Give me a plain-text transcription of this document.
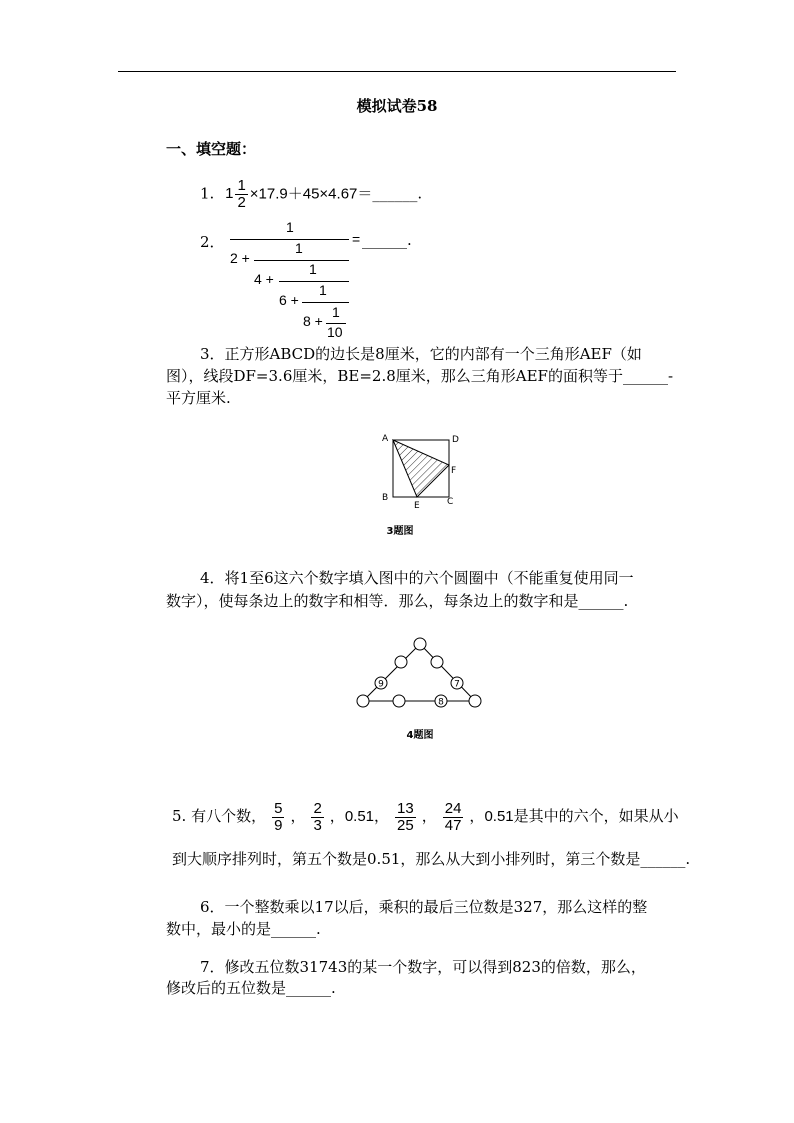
模拟试卷58
一、填空题：
1. $1 \frac{1}{2}$ ×17.9＋45×4.67＝______.
2．
1
2 +
1
4 +
1
6 +
1
8 +
1
10
= ______.
3．正方形ABCD的边长是8厘米，它的内部有一个三角形AEF（如
图），线段DF=3.6厘米，BE=2.8厘米，那么三角形AEF的面积等于______-
平方厘米.
A	D
F
B	C
E
3题图
4．将1至6这六个数字填入图中的六个圆圈中（不能重复使用同一
数字），使每条边上的数字和相等．那么，每条边上的数字和是______.
9	7
8
4题图
5. 有八个数， $\frac{5}{9}$ ， $\frac{2}{3}$ ，0.51， $\frac{13}{25}$ ， $\frac{24}{47}$ ，0.51是其中的六个，如果从小
到大顺序排列时，第五个数是0.51，那么从大到小排列时，第三个数是______.
6．一个整数乘以17以后，乘积的最后三位数是327，那么这样的整
数中，最小的是______.
7．修改五位数31743的某一个数字，可以得到823的倍数，那么，
修改后的五位数是______.
